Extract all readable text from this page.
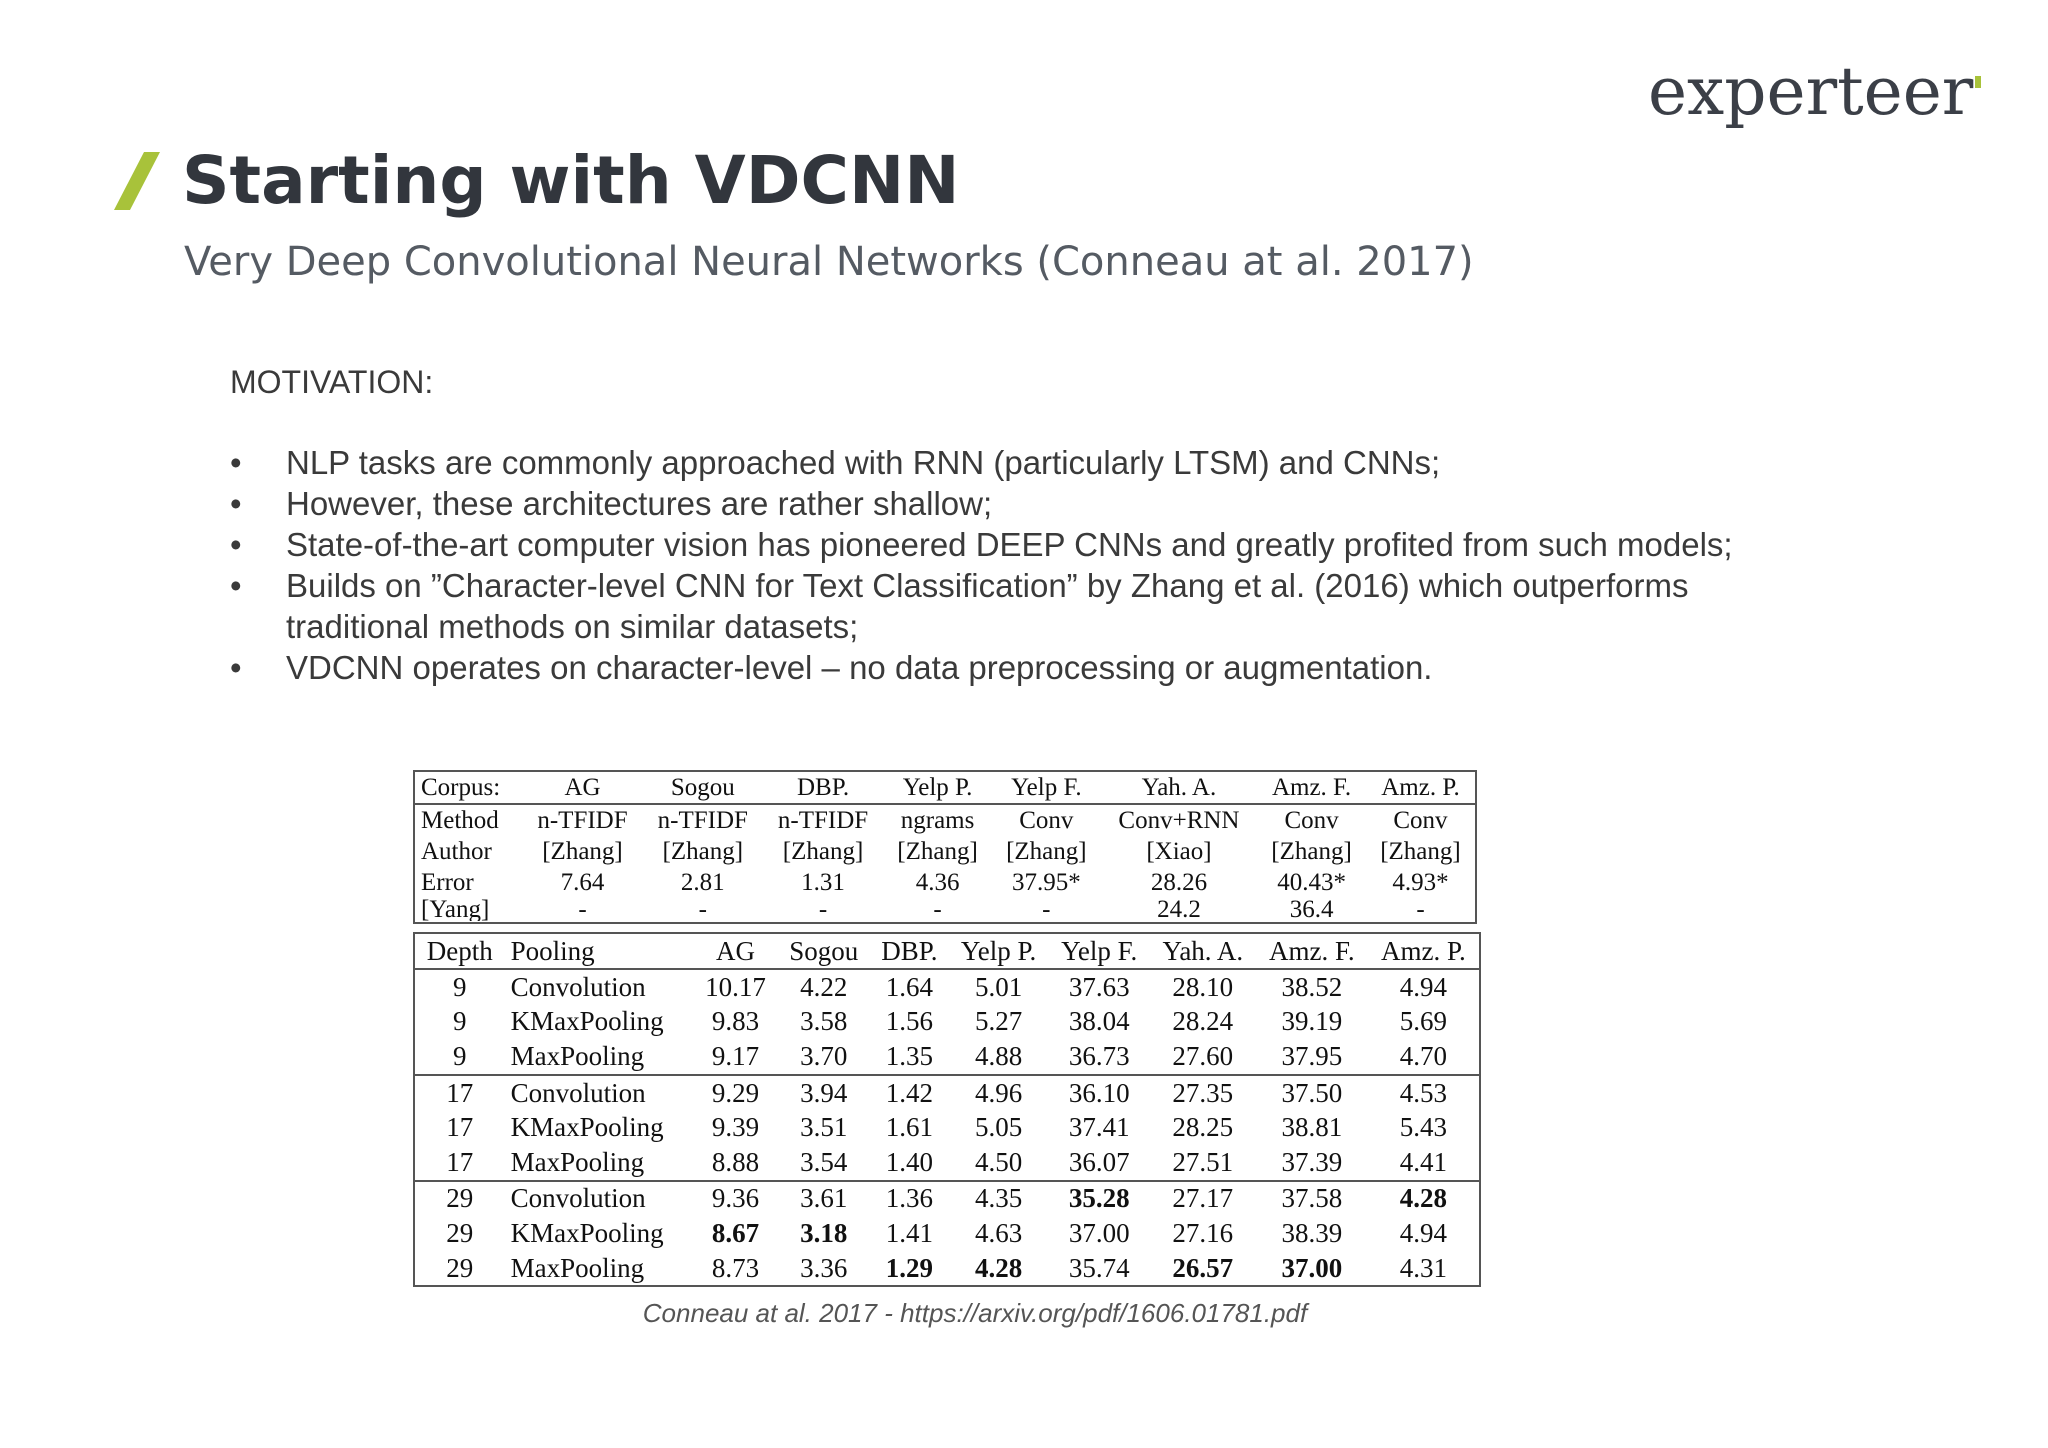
experteer
Starting with VDCNN
Very Deep Convolutional Neural Networks (Conneau at al. 2017)
MOTIVATION:
• NLP tasks are commonly approached with RNN (particularly LTSM) and CNNs;
• However, these architectures are rather shallow;
• State-of-the-art computer vision has pioneered DEEP CNNs and greatly profited from such models;
• Builds on ”Character-level CNN for Text Classification” by Zhang et al. (2016) which outperforms traditional methods on similar datasets;
• VDCNN operates on character-level – no data preprocessing or augmentation.
Corpus:	AG	Sogou	DBP.	Yelp P.	Yelp F.	Yah. A.	Amz. F.	Amz. P.
Method	n-TFIDF	n-TFIDF	n-TFIDF	ngrams	Conv	Conv+RNN	Conv	Conv
Author	[Zhang]	[Zhang]	[Zhang]	[Zhang]	[Zhang]	[Xiao]	[Zhang]	[Zhang]
Error	7.64	2.81	1.31	4.36	37.95*	28.26	40.43*	4.93*

[Yang]	-	-	-	-	-	24.2	36.4	-
Depth	Pooling	AG	Sogou	DBP.	Yelp P.	Yelp F.	Yah. A.	Amz. F.	Amz. P.
9	Convolution	10.17	4.22	1.64	5.01	37.63	28.10	38.52	4.94
9	KMaxPooling	9.83	3.58	1.56	5.27	38.04	28.24	39.19	5.69
9	MaxPooling	9.17	3.70	1.35	4.88	36.73	27.60	37.95	4.70
17	Convolution	9.29	3.94	1.42	4.96	36.10	27.35	37.50	4.53
17	KMaxPooling	9.39	3.51	1.61	5.05	37.41	28.25	38.81	5.43
17	MaxPooling	8.88	3.54	1.40	4.50	36.07	27.51	37.39	4.41
29	Convolution	9.36	3.61	1.36	4.35	35.28	27.17	37.58	4.28
29	KMaxPooling	8.67	3.18	1.41	4.63	37.00	27.16	38.39	4.94
29	MaxPooling	8.73	3.36	1.29	4.28	35.74	26.57	37.00	4.31
Conneau at al. 2017 - https://arxiv.org/pdf/1606.01781.pdf
